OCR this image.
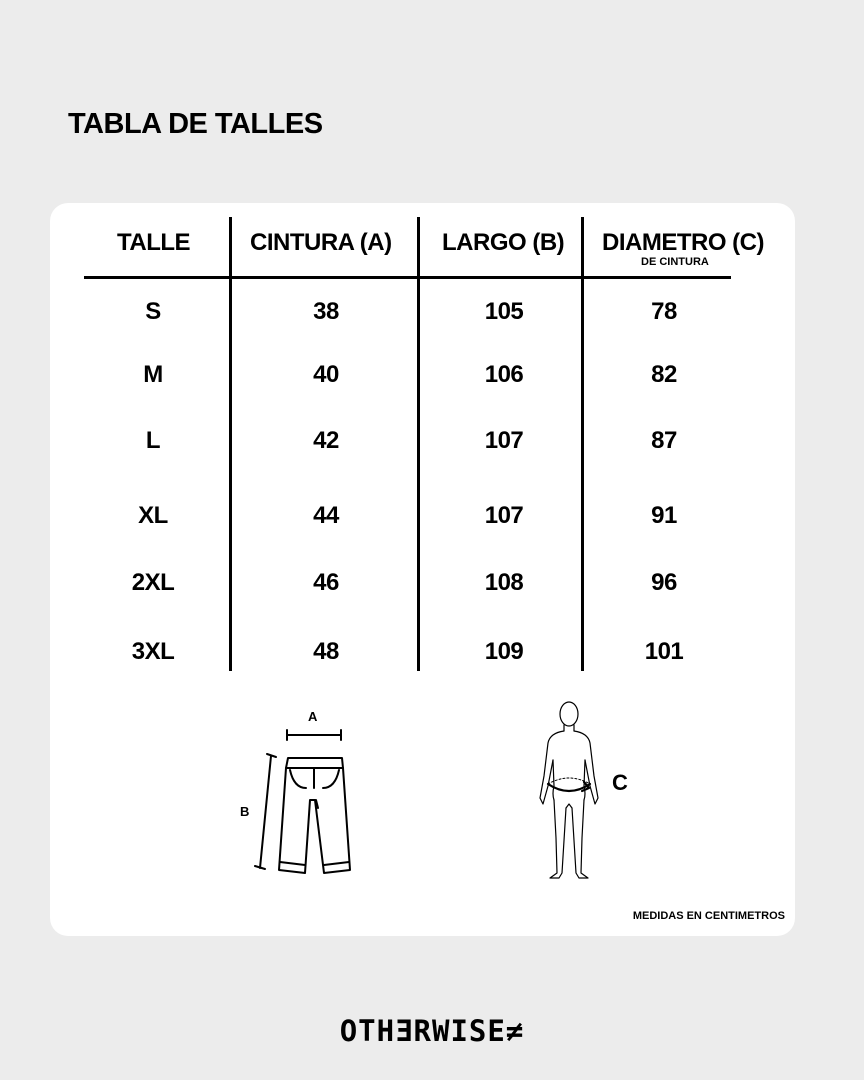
TABLA DE TALLES
TALLE CINTURA (A) LARGO (B) DIAMETRO (C)
DE CINTURA
S	38	105	78
M	40	106	82
L	42	107	87
XL	44	107	91
2XL	46	108	96
3XL	48	109	101
A
B
C
MEDIDAS EN CENTIMETROS
OTHƎRWISE≠
